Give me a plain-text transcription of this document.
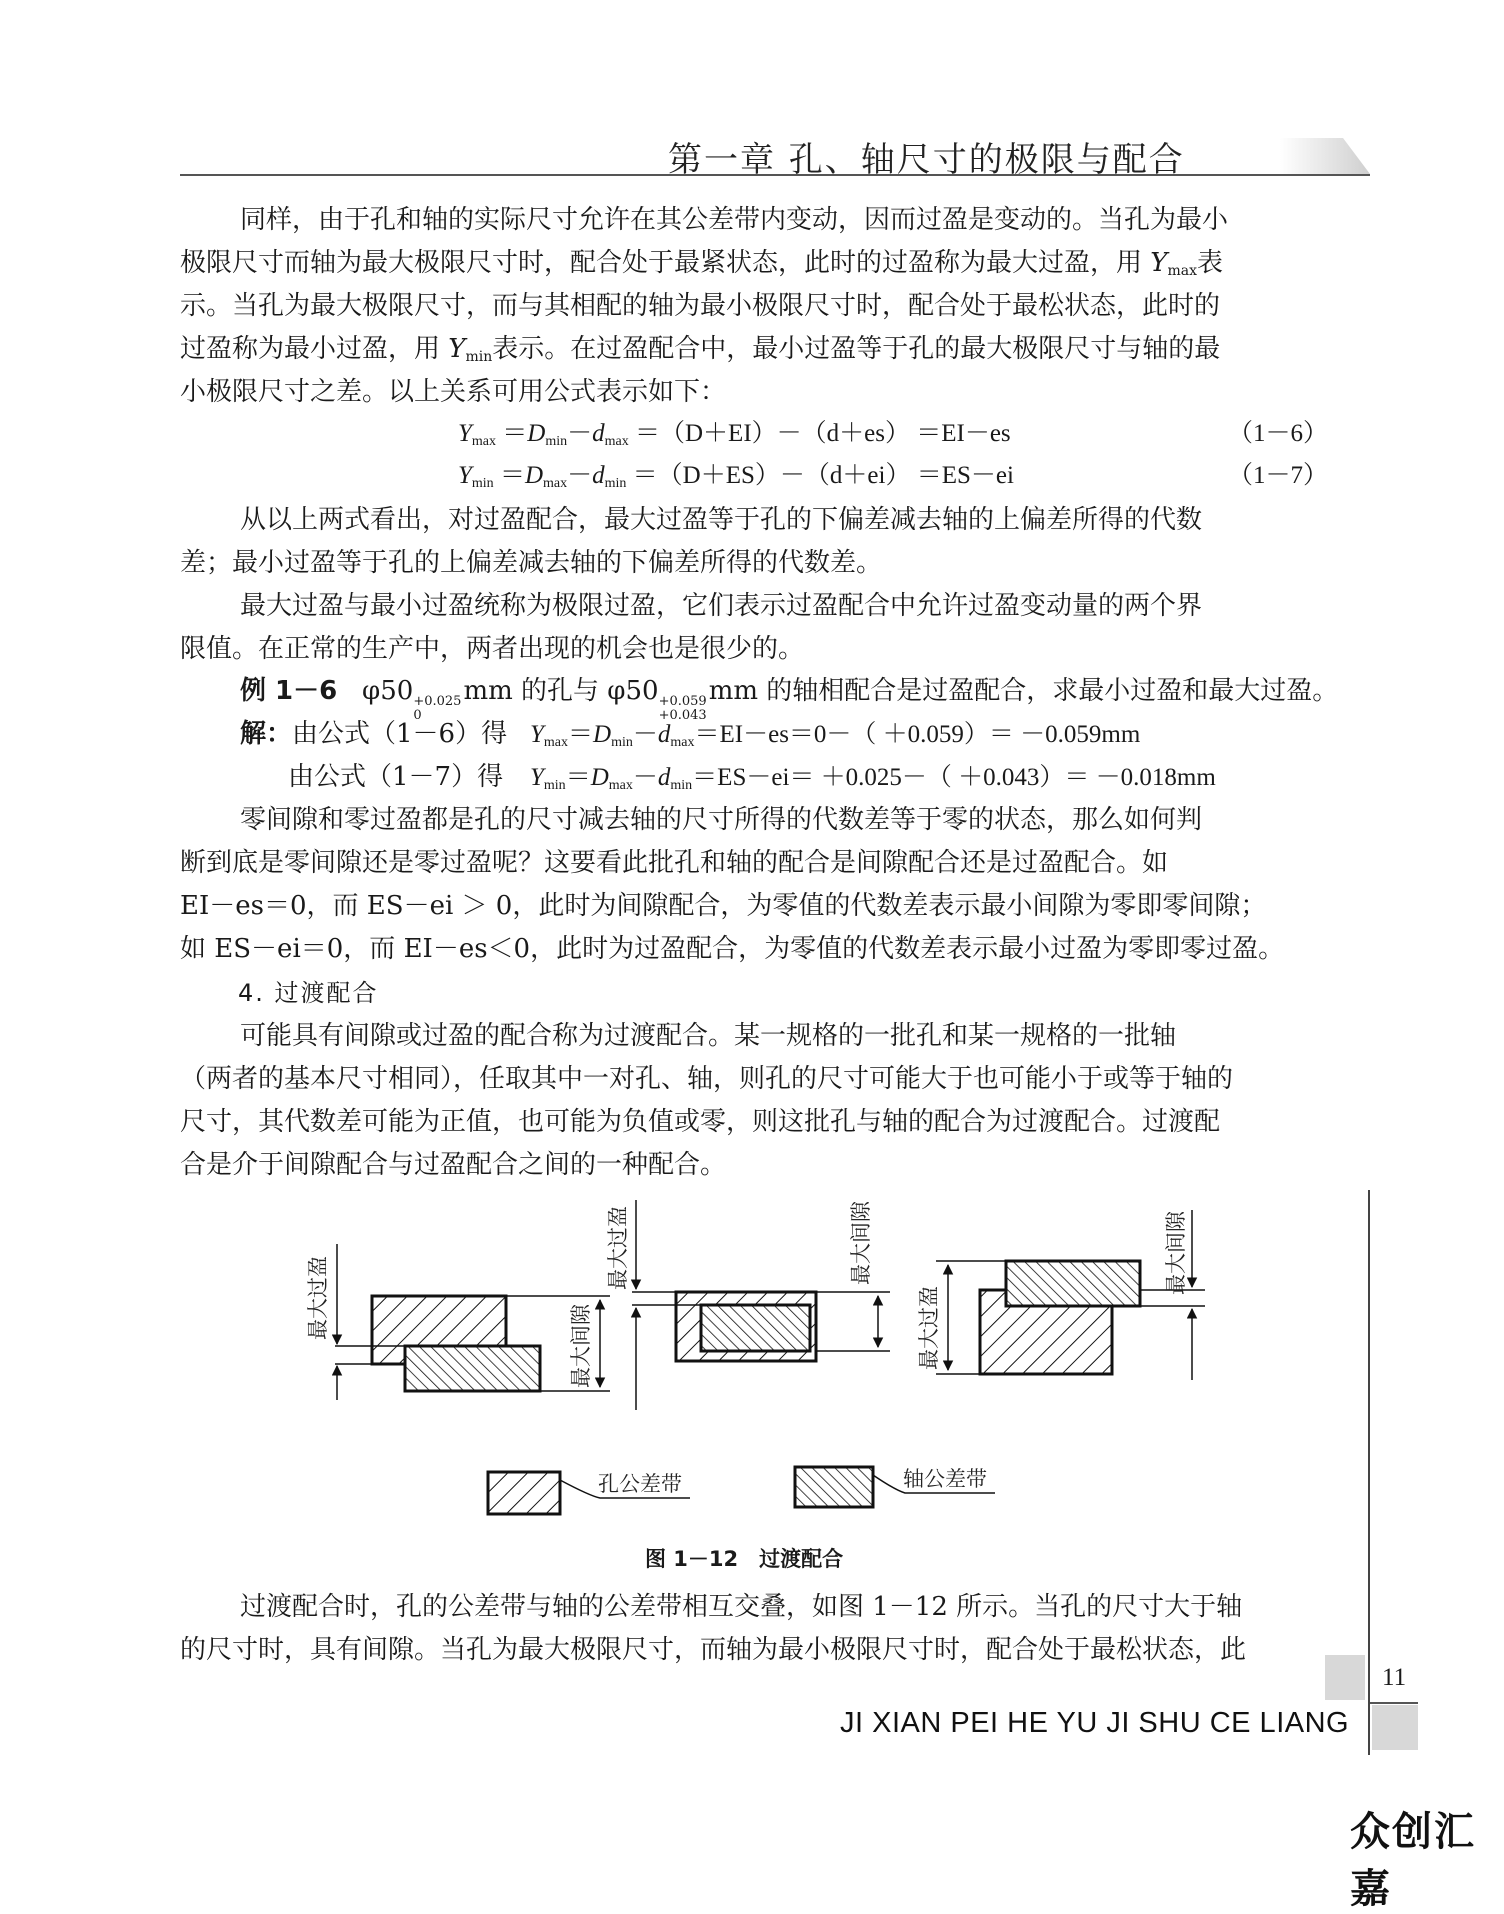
第一章 孔、轴尺寸的极限与配合
同样，由于孔和轴的实际尺寸允许在其公差带内变动，因而过盈是变动的。当孔为最小
极限尺寸而轴为最大极限尺寸时，配合处于最紧状态，此时的过盈称为最大过盈，用 $Y_{max}$表
示。当孔为最大极限尺寸，而与其相配的轴为最小极限尺寸时，配合处于最松状态，此时的
过盈称为最小过盈，用 $Y_{min}$表示。在过盈配合中，最小过盈等于孔的最大极限尺寸与轴的最
小极限尺寸之差。以上关系可用公式表示如下：
$Y_{max} =D_{min}-d_{max} =(D+EI)-(d+es) =EI-es$	（1－6）
$Y_{min} =D_{max}-d_{min} =(D+ES)-(d+ei) =ES-ei$	（1－7）
从以上两式看出，对过盈配合，最大过盈等于孔的下偏差减去轴的上偏差所得的代数
差；最小过盈等于孔的上偏差减去轴的下偏差所得的代数差。
最大过盈与最小过盈统称为极限过盈，它们表示过盈配合中允许过盈变动量的两个界
限值。在正常的生产中，两者出现的机会也是很少的。
例 1－6 φ50 +0.025
0
mm 的孔与 φ50 +0.059
+0.043
mm 的轴相配合是过盈配合，求最小过盈和最大过盈。
解：由公式（1－6）得 $Y_{max}=D_{min}-d_{max}=EI-es=0-( +0.059)= -0.059mm$
由公式（1－7）得 $Y_{min}=D_{max}-d_{min}=ES-ei= +0.025-( +0.043)= -0.018mm$
零间隙和零过盈都是孔的尺寸减去轴的尺寸所得的代数差等于零的状态，那么如何判
断到底是零间隙还是零过盈呢？这要看此批孔和轴的配合是间隙配合还是过盈配合。如
EI－es＝0，而 ES－ei ＞ 0，此时为间隙配合，为零值的代数差表示最小间隙为零即零间隙；
如 ES－ei＝0，而 EI－es＜0，此时为过盈配合，为零值的代数差表示最小过盈为零即零过盈。
4. 过渡配合
可能具有间隙或过盈的配合称为过渡配合。某一规格的一批孔和某一规格的一批轴
（两者的基本尺寸相同），任取其中一对孔、轴，则孔的尺寸可能大于也可能小于或等于轴的
尺寸，其代数差可能为正值，也可能为负值或零，则这批孔与轴的配合为过渡配合。过渡配
合是介于间隙配合与过盈配合之间的一种配合。
最大过盈
最大间隙
最大过盈	最大间隙
最大过盈
最大间隙
孔公差带	轴公差带
图 1－12　过渡配合
过渡配合时，孔的公差带与轴的公差带相互交叠，如图 1－12 所示。当孔的尺寸大于轴
的尺寸时，具有间隙。当孔为最大极限尺寸，而轴为最小极限尺寸时，配合处于最松状态，此
11
JI XIAN PEI HE YU JI SHU CE LIANG
众创汇嘉
